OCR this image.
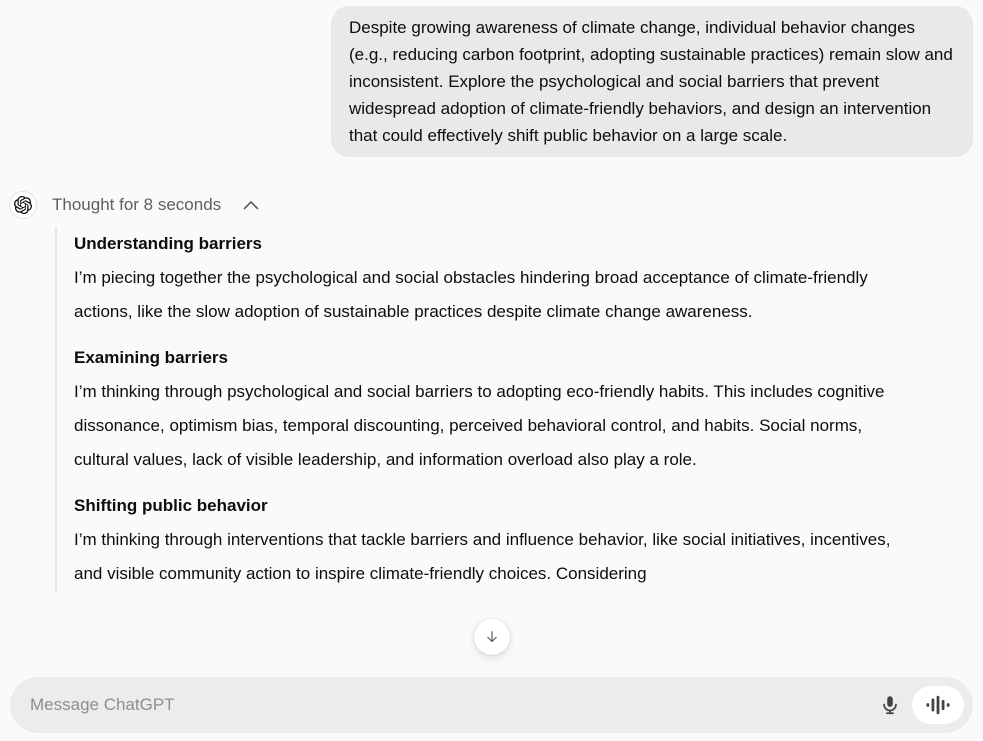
Despite growing awareness of climate change, individual behavior changes (e.g., reducing carbon footprint, adopting sustainable practices) remain slow and inconsistent. Explore the psychological and social barriers that prevent widespread adoption of climate-friendly behaviors, and design an intervention that could effectively shift public behavior on a large scale.
Thought for 8 seconds
Understanding barriers

I’m piecing together the psychological and social obstacles hindering broad acceptance of climate-friendly actions, like the slow adoption of sustainable practices despite climate change awareness.

Examining barriers

I’m thinking through psychological and social barriers to adopting eco-friendly habits. This includes cognitive dissonance, optimism bias, temporal discounting, perceived behavioral control, and habits. Social norms, cultural values, lack of visible leadership, and information overload also play a role.

Shifting public behavior

I’m thinking through interventions that tackle barriers and influence behavior, like social initiatives, incentives, and visible community action to inspire climate-friendly choices. Considering

Message ChatGPT
